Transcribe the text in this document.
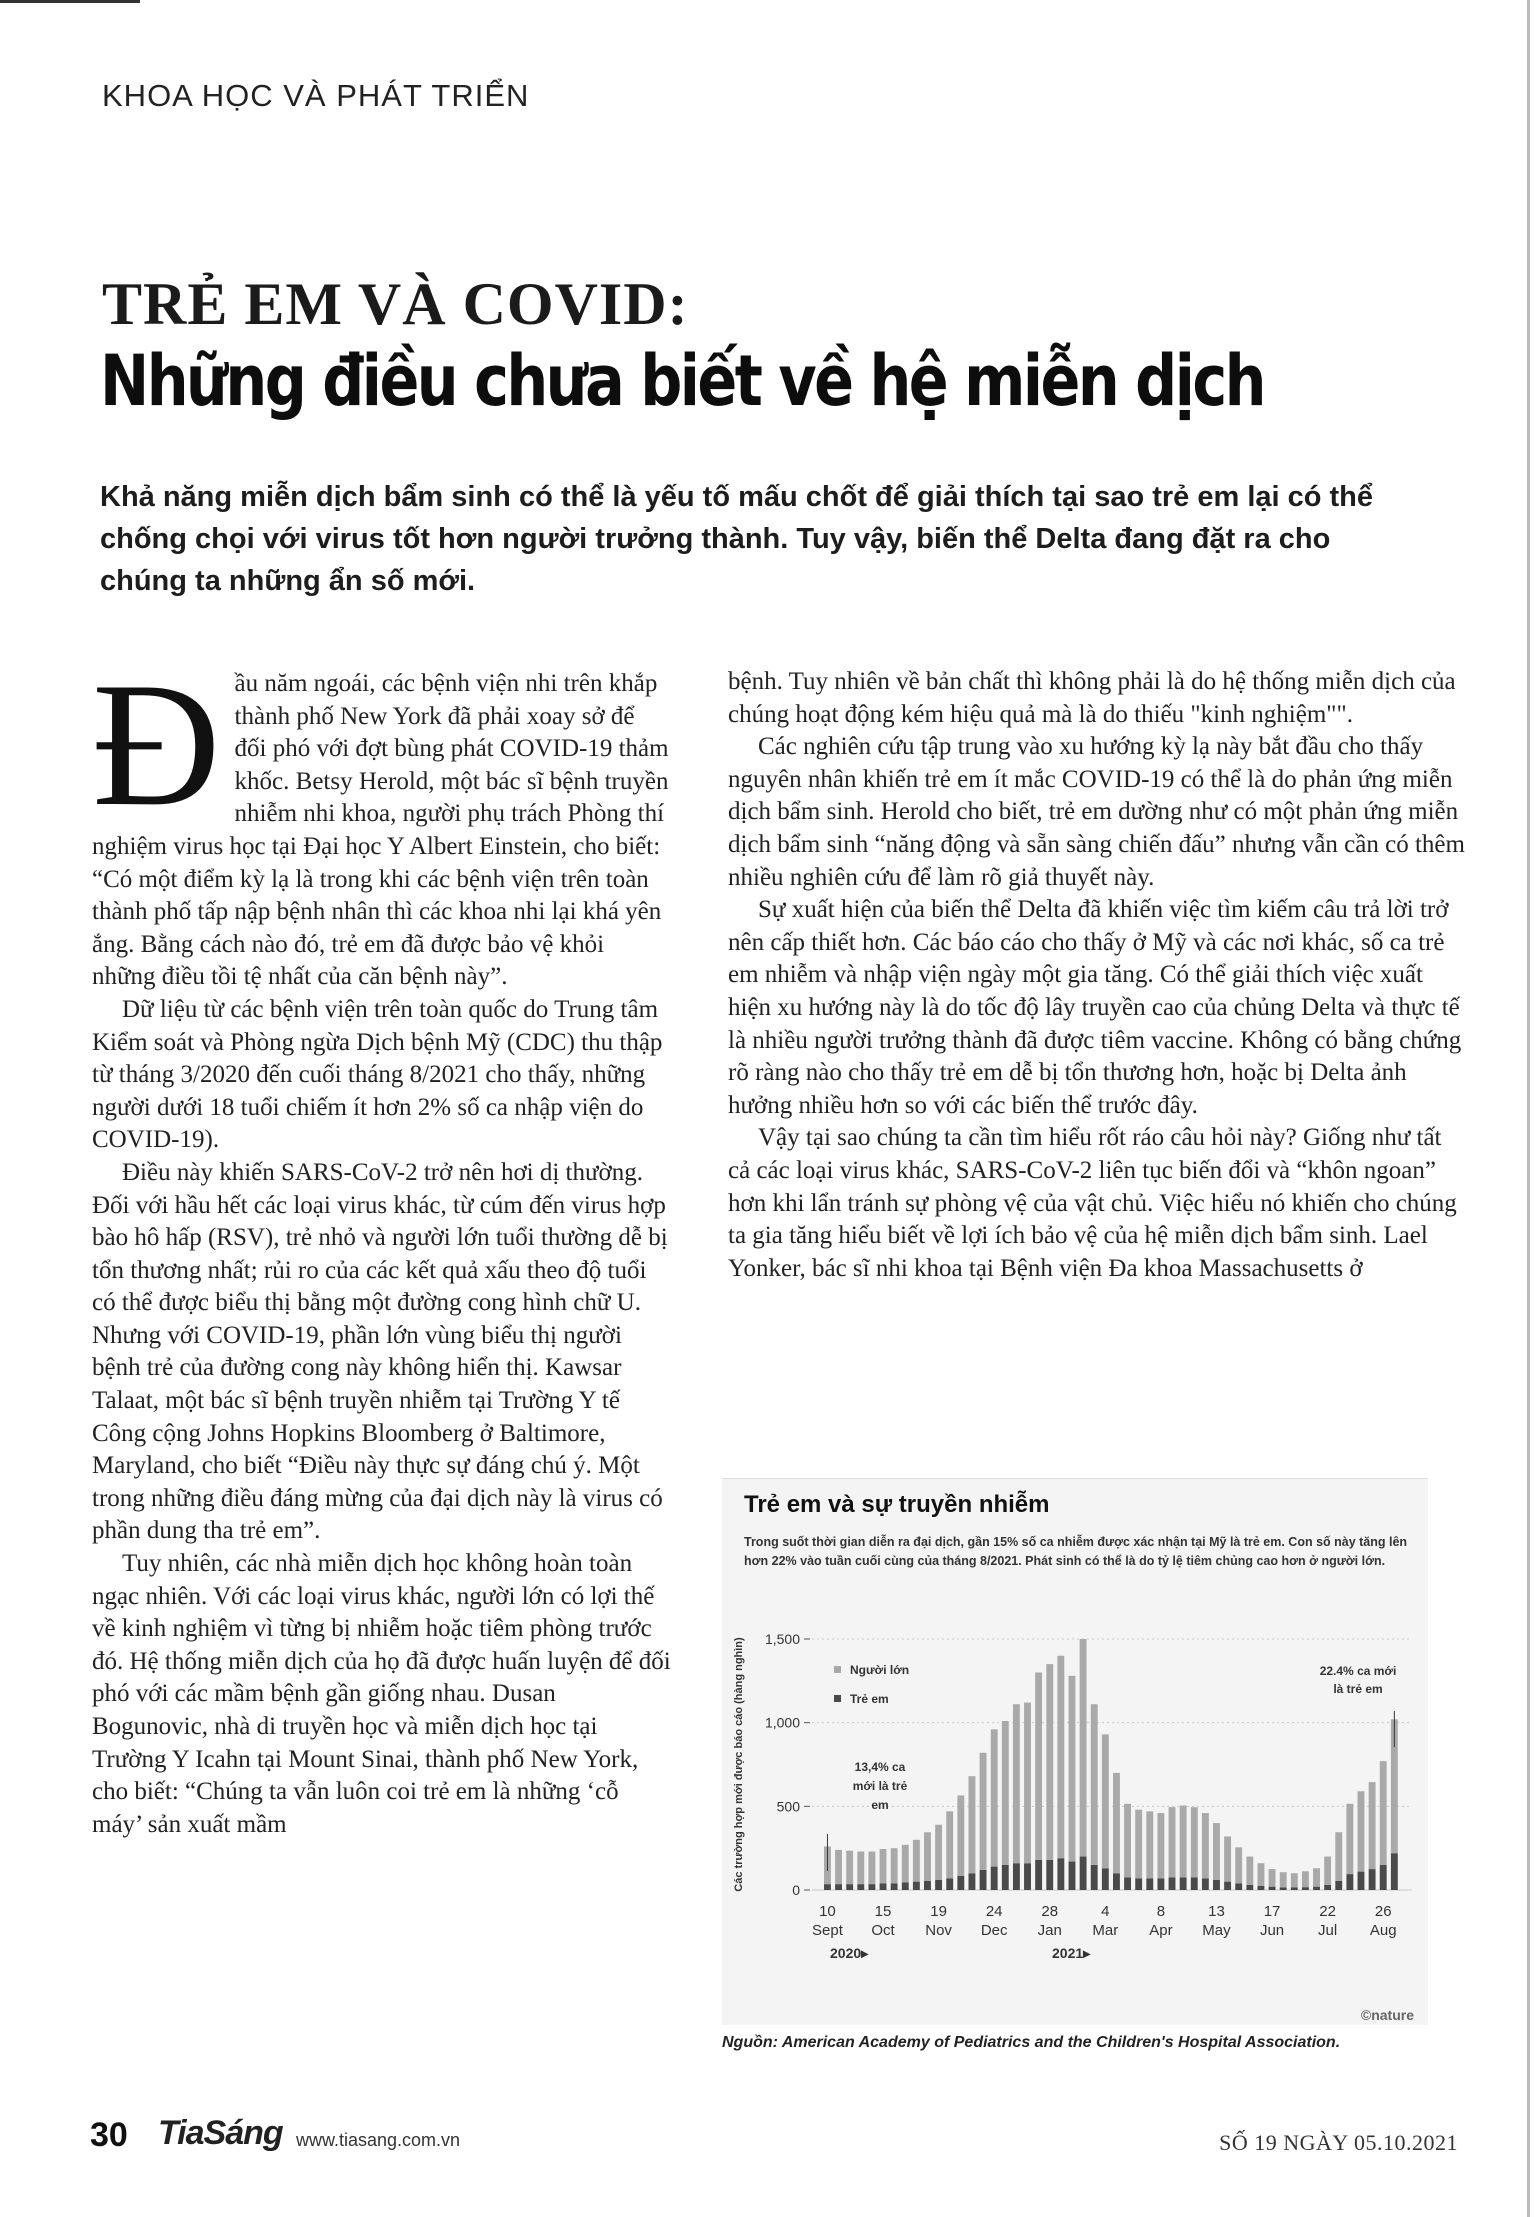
KHOA HỌC VÀ PHÁT TRIỂN
TRẺ EM VÀ COVID:
Những điều chưa biết về hệ miễn dịch
Khả năng miễn dịch bẩm sinh có thể là yếu tố mấu chốt để giải thích tại sao trẻ em lại có thể chống chọi với virus tốt hơn người trưởng thành. Tuy vậy, biến thể Delta đang đặt ra cho chúng ta những ẩn số mới.

Đầu năm ngoái, các bệnh viện nhi trên khắp thành phố New York đã phải xoay sở để đối phó với đợt bùng phát COVID-19 thảm khốc. Betsy Herold, một bác sĩ bệnh truyền nhiễm nhi khoa, người phụ trách Phòng thí nghiệm virus học tại Đại học Y Albert Einstein, cho biết: “Có một điểm kỳ lạ là trong khi các bệnh viện trên toàn thành phố tấp nập bệnh nhân thì các khoa nhi lại khá yên ắng. Bằng cách nào đó, trẻ em đã được bảo vệ khỏi những điều tồi tệ nhất của căn bệnh này”.

Dữ liệu từ các bệnh viện trên toàn quốc do Trung tâm Kiểm soát và Phòng ngừa Dịch bệnh Mỹ (CDC) thu thập từ tháng 3/2020 đến cuối tháng 8/2021 cho thấy, những người dưới 18 tuổi chiếm ít hơn 2% số ca nhập viện do COVID-19).

Điều này khiến SARS-CoV-2 trở nên hơi dị thường. Đối với hầu hết các loại virus khác, từ cúm đến virus hợp bào hô hấp (RSV), trẻ nhỏ và người lớn tuổi thường dễ bị tổn thương nhất; rủi ro của các kết quả xấu theo độ tuổi có thể được biểu thị bằng một đường cong hình chữ U. Nhưng với COVID-19, phần lớn vùng biểu thị người bệnh trẻ của đường cong này không hiển thị. Kawsar Talaat, một bác sĩ bệnh truyền nhiễm tại Trường Y tế Công cộng Johns Hopkins Bloomberg ở Baltimore, Maryland, cho biết “Điều này thực sự đáng chú ý. Một trong những điều đáng mừng của đại dịch này là virus có phần dung tha trẻ em”.

Tuy nhiên, các nhà miễn dịch học không hoàn toàn ngạc nhiên. Với các loại virus khác, người lớn có lợi thế về kinh nghiệm vì từng bị nhiễm hoặc tiêm phòng trước đó. Hệ thống miễn dịch của họ đã được huấn luyện để đối phó với các mầm bệnh gần giống nhau. Dusan Bogunovic, nhà di truyền học và miễn dịch học tại Trường Y Icahn tại Mount Sinai, thành phố New York, cho biết: “Chúng ta vẫn luôn coi trẻ em là những ‘cỗ máy’ sản xuất mầm

bệnh. Tuy nhiên về bản chất thì không phải là do hệ thống miễn dịch của chúng hoạt động kém hiệu quả mà là do thiếu "kinh nghiệm"".

Các nghiên cứu tập trung vào xu hướng kỳ lạ này bắt đầu cho thấy nguyên nhân khiến trẻ em ít mắc COVID-19 có thể là do phản ứng miễn dịch bẩm sinh. Herold cho biết, trẻ em dường như có một phản ứng miễn dịch bẩm sinh “năng động và sẵn sàng chiến đấu” nhưng vẫn cần có thêm nhiều nghiên cứu để làm rõ giả thuyết này.

Sự xuất hiện của biến thể Delta đã khiến việc tìm kiếm câu trả lời trở nên cấp thiết hơn. Các báo cáo cho thấy ở Mỹ và các nơi khác, số ca trẻ em nhiễm và nhập viện ngày một gia tăng. Có thể giải thích việc xuất hiện xu hướng này là do tốc độ lây truyền cao của chủng Delta và thực tế là nhiều người trưởng thành đã được tiêm vaccine. Không có bằng chứng rõ ràng nào cho thấy trẻ em dễ bị tổn thương hơn, hoặc bị Delta ảnh hưởng nhiều hơn so với các biến thể trước đây.

Vậy tại sao chúng ta cần tìm hiểu rốt ráo câu hỏi này? Giống như tất cả các loại virus khác, SARS-CoV-2 liên tục biến đổi và “khôn ngoan” hơn khi lẩn tránh sự phòng vệ của vật chủ. Việc hiểu nó khiến cho chúng ta gia tăng hiểu biết về lợi ích bảo vệ của hệ miễn dịch bẩm sinh. Lael Yonker, bác sĩ nhi khoa tại Bệnh viện Đa khoa Massachusetts ở

Trẻ em và sự truyền nhiễm
Trong suốt thời gian diễn ra đại dịch, gần 15% số ca nhiễm được xác nhận tại Mỹ là trẻ em. Con số này tăng lên hơn 22% vào tuần cuối cùng của tháng 8/2021. Phát sinh có thể là do tỷ lệ tiêm chủng cao hơn ở người lớn.
Các trường hợp mới được báo cáo (hàng nghìn) 1,500
1,000
500
0
10
Sept
15
Oct
19
Nov
24
Dec
28
Jan
4
Mar
8
Apr
13
May
17
Jun
22
Jul
26
Aug
2020▸	2021▸
Người lớn
Trẻ em
13,4% ca
mới là trẻ
em
22.4% ca mới
là trẻ em
©nature
Nguồn: American Academy of Pediatrics and the Children's Hospital Association.
30 TiaSáng www.tiasang.com.vn	SỐ 19 NGÀY 05.10.2021
